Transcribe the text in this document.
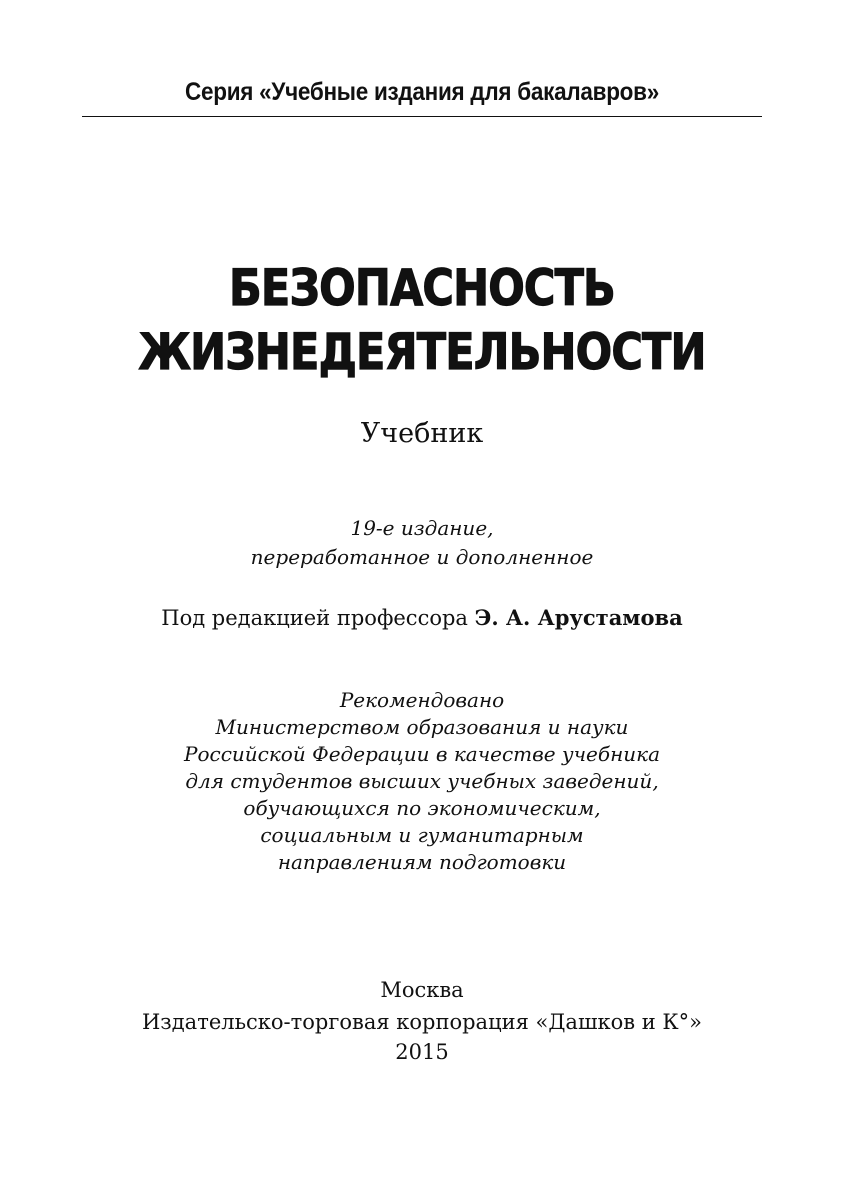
Серия «Учебные издания для бакалавров»
БЕЗОПАСНОСТЬ
ЖИЗНЕДЕЯТЕЛЬНОСТИ
Учебник
19-е издание,
переработанное и дополненное
Под редакцией профессора Э. А. Арустамова
Рекомендовано
Министерством образования и науки
Российской Федерации в качестве учебника
для студентов высших учебных заведений,
обучающихся по экономическим,
социальным и гуманитарным
направлениям подготовки
Москва
Издательско-торговая корпорация «Дашков и К°»
2015
